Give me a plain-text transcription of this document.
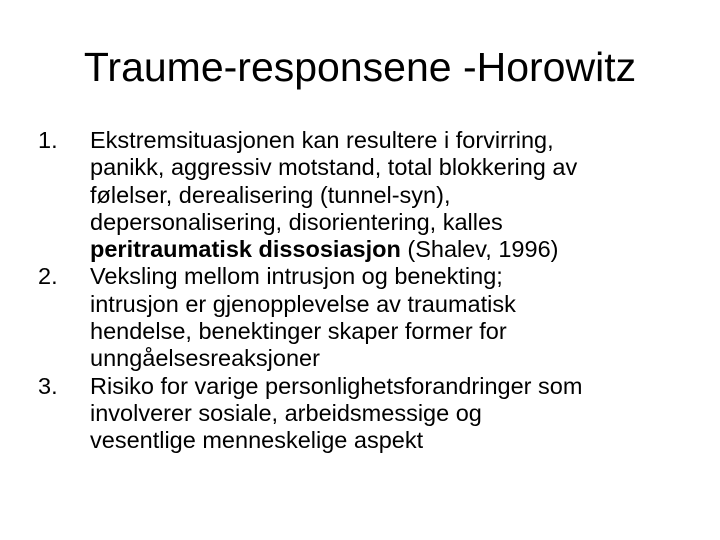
Traume-responsene -Horowitz
1.	Ekstremsituasjonen kan resultere i forvirring,
panikk, aggressiv motstand, total blokkering av
følelser, derealisering (tunnel-syn),
depersonalisering, disorientering, kalles
peritraumatisk dissosiasjon (Shalev, 1996)
2.	Veksling mellom intrusjon og benekting;
intrusjon er gjenopplevelse av traumatisk
hendelse, benektinger skaper former for
unngåelsesreaksjoner
3.	Risiko for varige personlighetsforandringer som
involverer sosiale, arbeidsmessige og
vesentlige menneskelige aspekt
